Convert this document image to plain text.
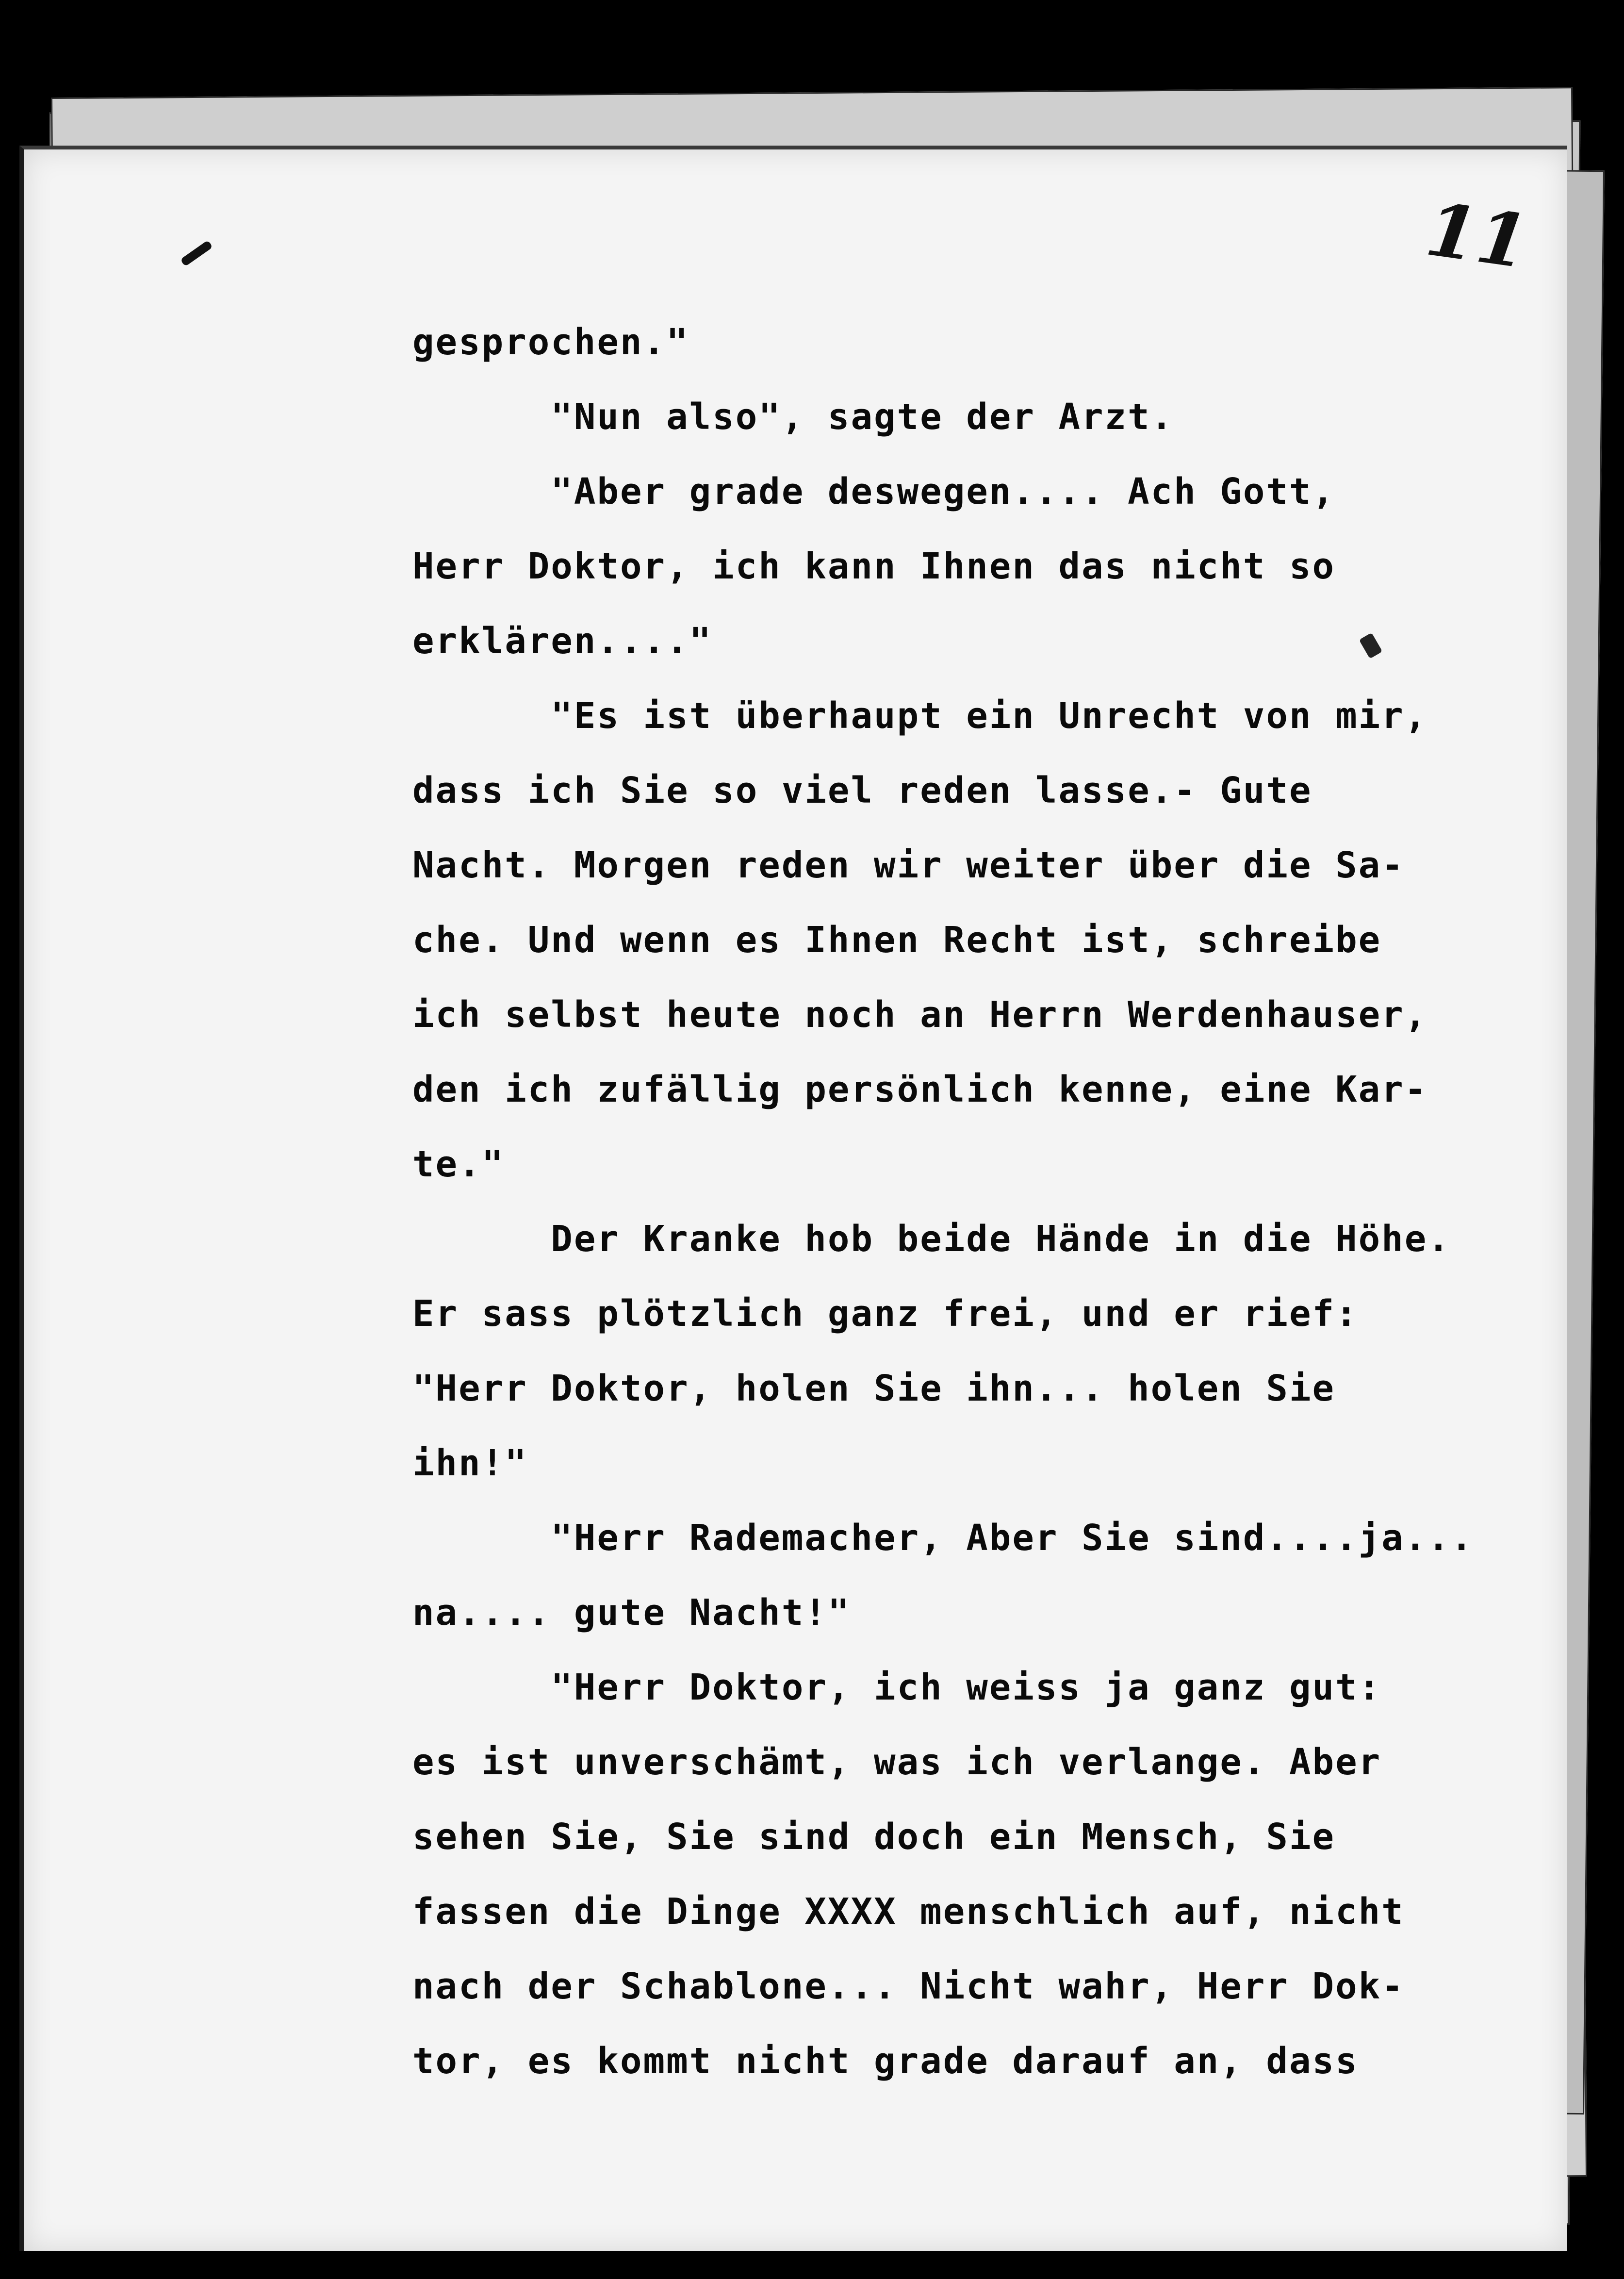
11
gesprochen."
"Nun also", sagte der Arzt.
"Aber grade deswegen.... Ach Gott,
Herr Doktor, ich kann Ihnen das nicht so
erklären...."
"Es ist überhaupt ein Unrecht von mir,
dass ich Sie so viel reden lasse.- Gute
Nacht. Morgen reden wir weiter über die Sa-
che. Und wenn es Ihnen Recht ist, schreibe
ich selbst heute noch an Herrn Werdenhauser,
den ich zufällig persönlich kenne, eine Kar-
te."
Der Kranke hob beide Hände in die Höhe.
Er sass plötzlich ganz frei, und er rief:
"Herr Doktor, holen Sie ihn... holen Sie
ihn!"
"Herr Rademacher, Aber Sie sind....ja...
na.... gute Nacht!"
"Herr Doktor, ich weiss ja ganz gut:
es ist unverschämt, was ich verlange. Aber
sehen Sie, Sie sind doch ein Mensch, Sie
fassen die Dinge XXXX menschlich auf, nicht
nach der Schablone... Nicht wahr, Herr Dok-
tor, es kommt nicht grade darauf an, dass
